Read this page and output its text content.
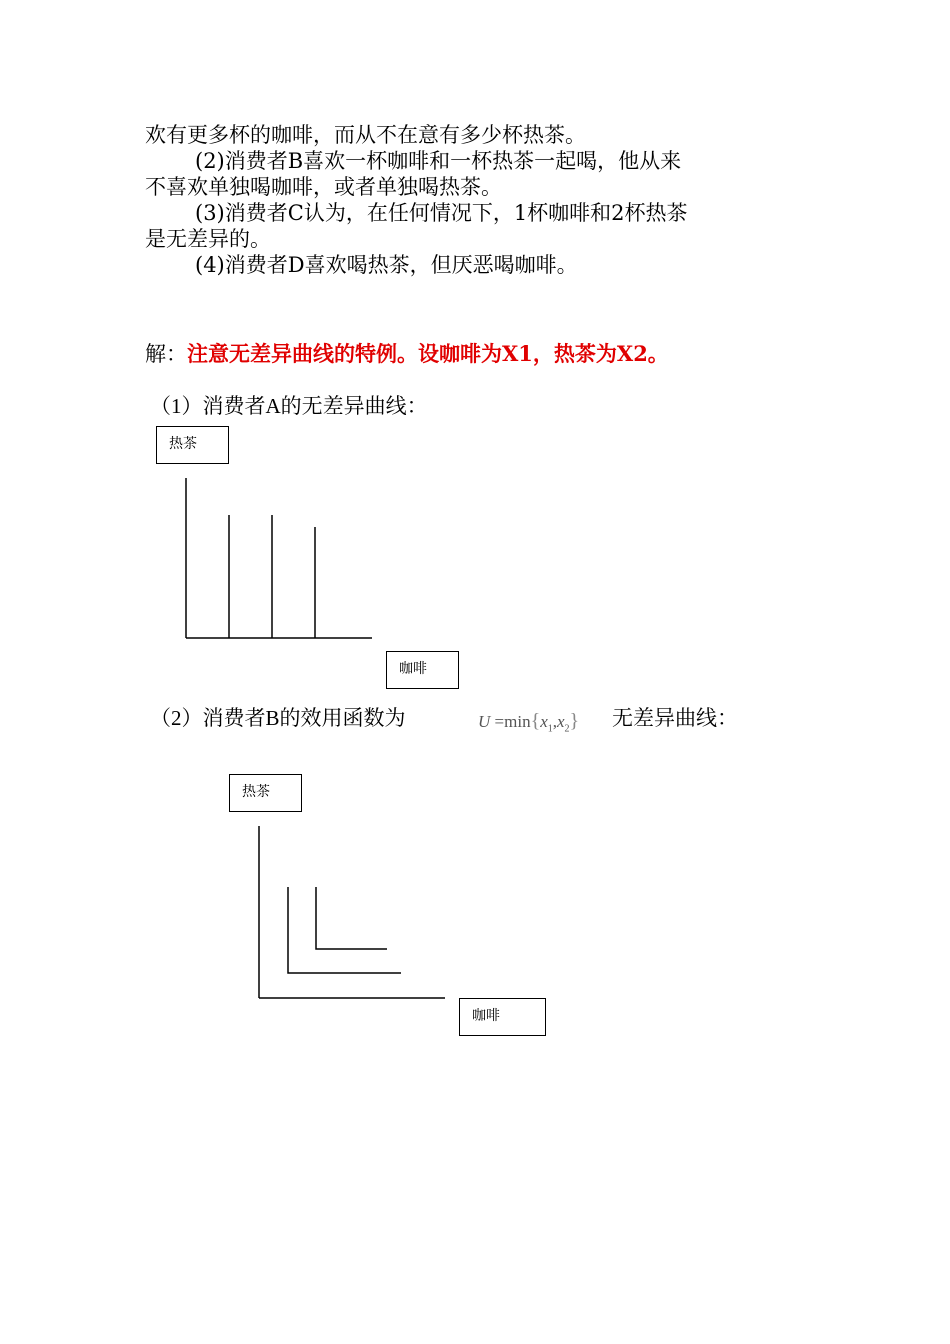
欢有更多杯的咖啡，而从不在意有多少杯热茶。
(2)消费者B喜欢一杯咖啡和一杯热茶一起喝，他从来
不喜欢单独喝咖啡，或者单独喝热茶。
(3)消费者C认为，在任何情况下，1杯咖啡和2杯热茶
是无差异的。
(4)消费者D喜欢喝热茶，但厌恶喝咖啡。
解：注意无差异曲线的特例。设咖啡为X1，热茶为X2。
（1）消费者A的无差异曲线：
热茶
咖啡
（2）消费者B的效用函数为	$U =\min\{x_1,x_2\}$ 无差异曲线：
热茶
咖啡
